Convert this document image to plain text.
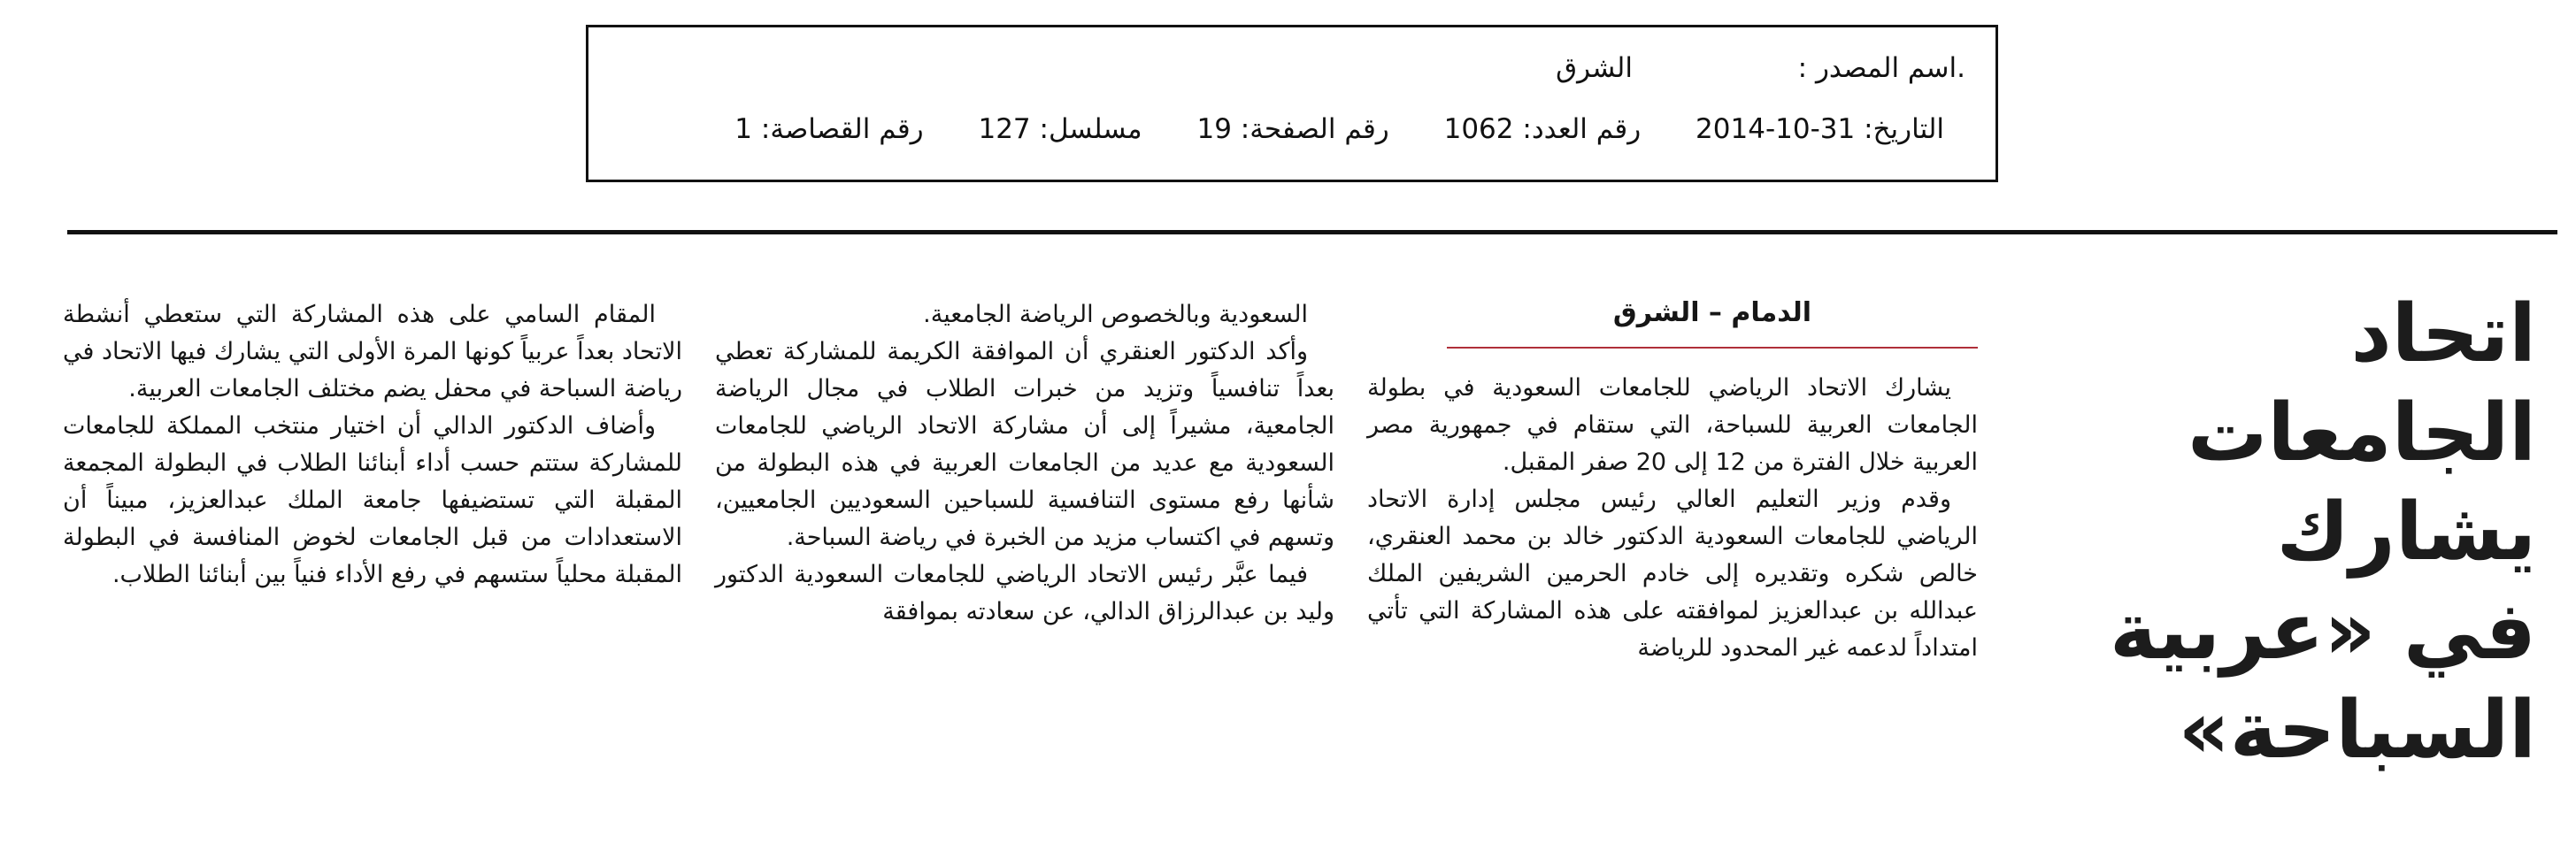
.اسم المصدر :
الشرق
التاريخ: 31-10-2014 رقم العدد: 1062 رقم الصفحة: 19 مسلسل: 127 رقم القصاصة: 1
اتحاد الجامعات
يشارك
في «عربية
السباحة»
الدمام – الشرق

يشارك الاتحاد الرياضي للجامعات السعودية في بطولة الجامعات العربية للسباحة، التي ستقام في جمهورية مصر العربية خلال الفترة من 12 إلى 20 صفر المقبل.

وقدم وزير التعليم العالي رئيس مجلس إدارة الاتحاد الرياضي للجامعات السعودية الدكتور خالد بن محمد العنقري، خالص شكره وتقديره إلى خادم الحرمين الشريفين الملك عبدالله بن عبدالعزيز لموافقته على هذه المشاركة التي تأتي امتداداً لدعمه غير المحدود للرياضة

السعودية وبالخصوص الرياضة الجامعية.

وأكد الدكتور العنقري أن الموافقة الكريمة للمشاركة تعطي بعداً تنافسياً وتزيد من خبرات الطلاب في مجال الرياضة الجامعية، مشيراً إلى أن مشاركة الاتحاد الرياضي للجامعات السعودية مع عديد من الجامعات العربية في هذه البطولة من شأنها رفع مستوى التنافسية للسباحين السعوديين الجامعيين، وتسهم في اكتساب مزيد من الخبرة في رياضة السباحة.

فيما عبَّر رئيس الاتحاد الرياضي للجامعات السعودية الدكتور وليد بن عبدالرزاق الدالي، عن سعادته بموافقة

المقام السامي على هذه المشاركة التي ستعطي أنشطة الاتحاد بعداً عربياً كونها المرة الأولى التي يشارك فيها الاتحاد في رياضة السباحة في محفل يضم مختلف الجامعات العربية.

وأضاف الدكتور الدالي أن اختيار منتخب المملكة للجامعات للمشاركة ستتم حسب أداء أبنائنا الطلاب في البطولة المجمعة المقبلة التي تستضيفها جامعة الملك عبدالعزيز، مبيناً أن الاستعدادات من قبل الجامعات لخوض المنافسة في البطولة المقبلة محلياً ستسهم في رفع الأداء فنياً بين أبنائنا الطلاب.
